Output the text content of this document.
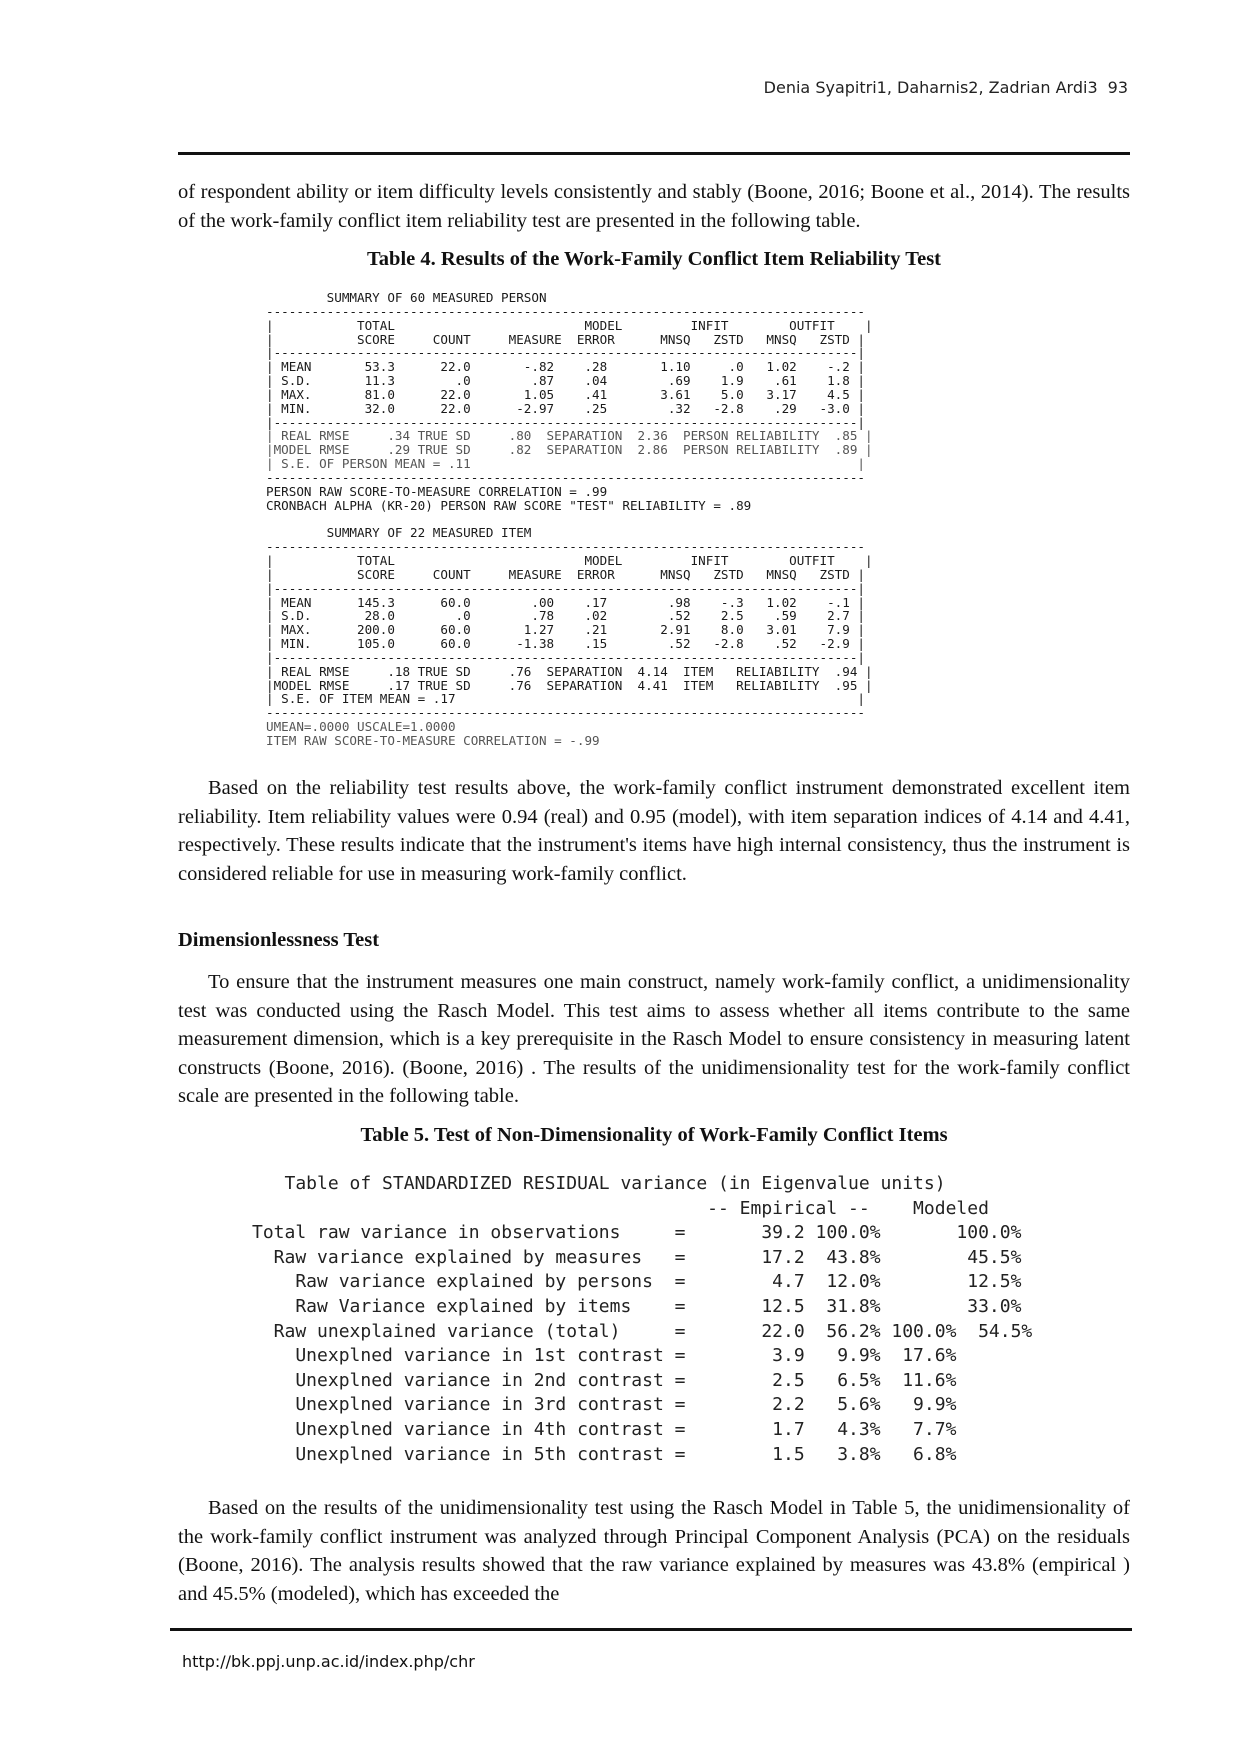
Denia Syapitri1, Daharnis2, Zadrian Ardi3 93

of respondent ability or item difficulty levels consistently and stably (Boone, 2016; Boone et al., 2014). The results of the work-family conflict item reliability test are presented in the following table.

Table 4. Results of the Work-Family Conflict Item Reliability Test

SUMMARY OF 60 MEASURED PERSON
-------------------------------------------------------------------------------
|           TOTAL                         MODEL         INFIT        OUTFIT    |
|           SCORE     COUNT     MEASURE  ERROR      MNSQ   ZSTD   MNSQ   ZSTD |
|-----------------------------------------------------------------------------|
| MEAN       53.3      22.0       -.82    .28       1.10     .0   1.02    -.2 |
| S.D.       11.3        .0        .87    .04        .69    1.9    .61    1.8 |
| MAX.       81.0      22.0       1.05    .41       3.61    5.0   3.17    4.5 |
| MIN.       32.0      22.0      -2.97    .25        .32   -2.8    .29   -3.0 |
|-----------------------------------------------------------------------------|
| REAL RMSE     .34 TRUE SD     .80  SEPARATION  2.36  PERSON RELIABILITY  .85 |
|MODEL RMSE     .29 TRUE SD     .82  SEPARATION  2.86  PERSON RELIABILITY  .89 |
| S.E. OF PERSON MEAN = .11                                                   |
-------------------------------------------------------------------------------
PERSON RAW SCORE-TO-MEASURE CORRELATION = .99
CRONBACH ALPHA (KR-20) PERSON RAW SCORE "TEST" RELIABILITY = .89

SUMMARY OF 22 MEASURED ITEM
-------------------------------------------------------------------------------
|           TOTAL                         MODEL         INFIT        OUTFIT    |
|           SCORE     COUNT     MEASURE  ERROR      MNSQ   ZSTD   MNSQ   ZSTD |
|-----------------------------------------------------------------------------|
| MEAN      145.3      60.0        .00    .17        .98    -.3   1.02    -.1 |
| S.D.       28.0        .0        .78    .02        .52    2.5    .59    2.7 |
| MAX.      200.0      60.0       1.27    .21       2.91    8.0   3.01    7.9 |
| MIN.      105.0      60.0      -1.38    .15        .52   -2.8    .52   -2.9 |
|-----------------------------------------------------------------------------|
| REAL RMSE     .18 TRUE SD     .76  SEPARATION  4.14  ITEM   RELIABILITY  .94 |
|MODEL RMSE     .17 TRUE SD     .76  SEPARATION  4.41  ITEM   RELIABILITY  .95 |
| S.E. OF ITEM MEAN = .17                                                     |
-------------------------------------------------------------------------------
UMEAN=.0000 USCALE=1.0000
ITEM RAW SCORE-TO-MEASURE CORRELATION = -.99

Based on the reliability test results above, the work-family conflict instrument demonstrated excellent item reliability. Item reliability values were 0.94 (real) and 0.95 (model), with item separation indices of 4.14 and 4.41, respectively. These results indicate that the instrument's items have high internal consistency, thus the instrument is considered reliable for use in measuring work-family conflict.

Dimensionlessness Test

To ensure that the instrument measures one main construct, namely work-family conflict, a unidimensionality test was conducted using the Rasch Model. This test aims to assess whether all items contribute to the same measurement dimension, which is a key prerequisite in the Rasch Model to ensure consistency in measuring latent constructs (Boone, 2016). (Boone, 2016) . The results of the unidimensionality test for the work-family conflict scale are presented in the following table.

Table 5. Test of Non-Dimensionality of Work-Family Conflict Items

Table of STANDARDIZED RESIDUAL variance (in Eigenvalue units)
-- Empirical --    Modeled
Total raw variance in observations     =       39.2 100.0%       100.0%
Raw variance explained by measures   =       17.2  43.8%        45.5%
Raw variance explained by persons  =        4.7  12.0%        12.5%
Raw Variance explained by items    =       12.5  31.8%        33.0%
Raw unexplained variance (total)     =       22.0  56.2% 100.0%  54.5%
Unexplned variance in 1st contrast =        3.9   9.9%  17.6%
Unexplned variance in 2nd contrast =        2.5   6.5%  11.6%
Unexplned variance in 3rd contrast =        2.2   5.6%   9.9%
Unexplned variance in 4th contrast =        1.7   4.3%   7.7%
Unexplned variance in 5th contrast =        1.5   3.8%   6.8%

Based on the results of the unidimensionality test using the Rasch Model in Table 5, the unidimensionality of the work-family conflict instrument was analyzed through Principal Component Analysis (PCA) on the residuals (Boone, 2016). The analysis results showed that the raw variance explained by measures was 43.8% (empirical ) and 45.5% (modeled), which has exceeded the

http://bk.ppj.unp.ac.id/index.php/chr
